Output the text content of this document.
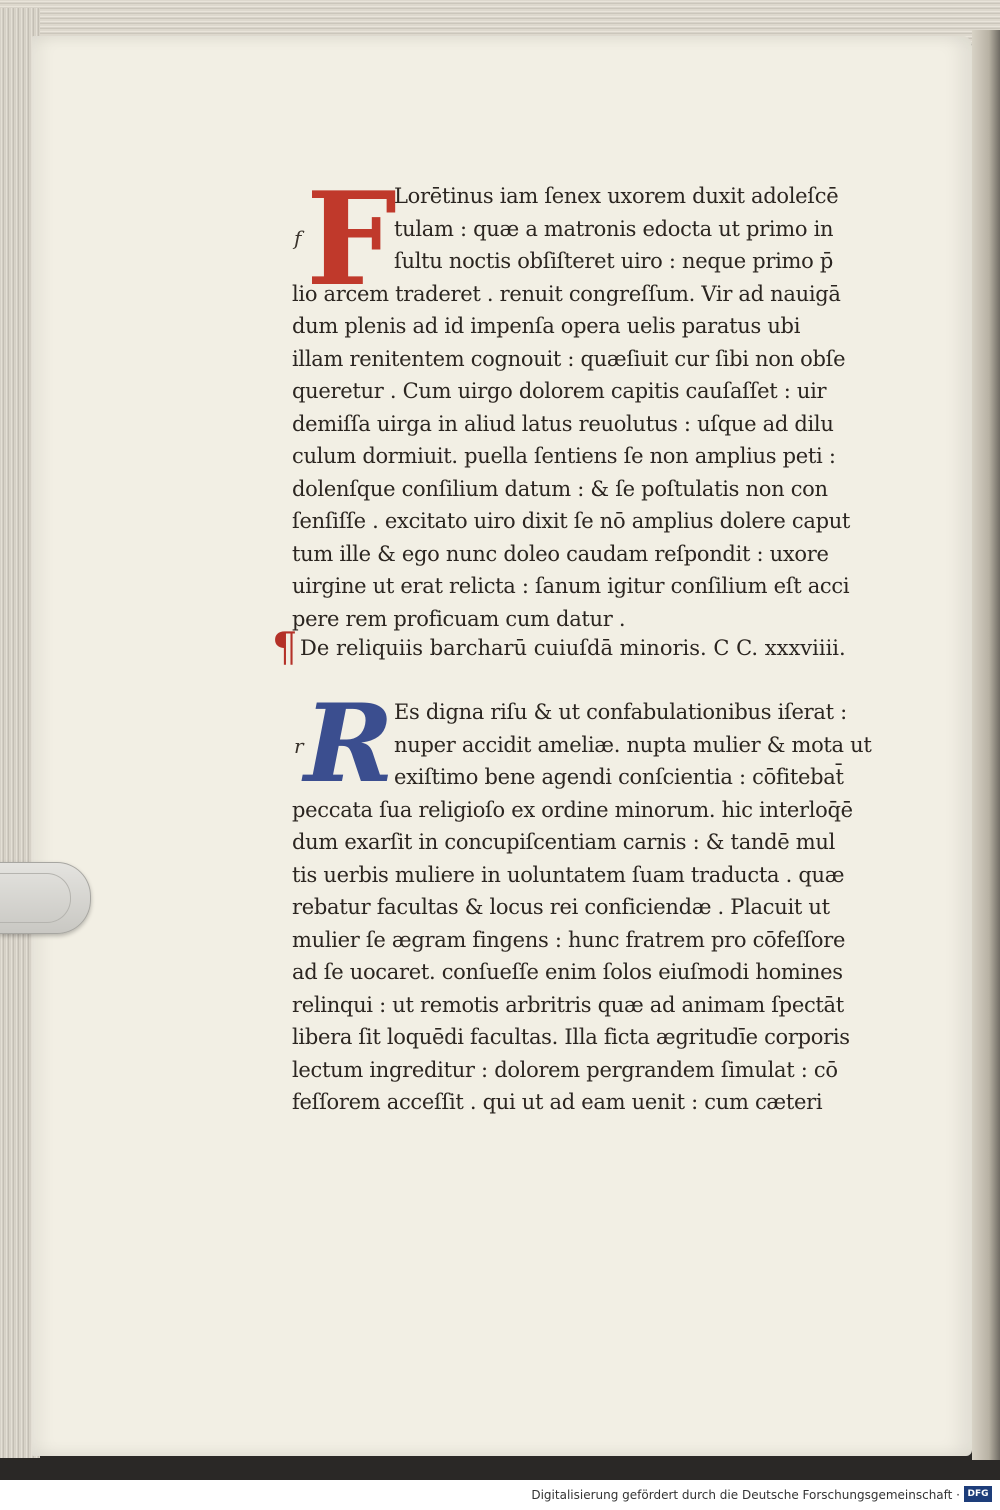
F
f
Lorētinus iam ſenex uxorem duxit adoleſcē
tulam : quæ a matronis edocta ut primo in
ſultu noctis obſiſteret uiro : neque primo p̄
lio arcem traderet . renuit congreſſum. Vir ad nauigā
dum plenis ad id impenſa opera uelis paratus ubi
illam renitentem cognouit : quæſiuit cur ſibi non obſe
queretur . Cum uirgo dolorem capitis cauſaſſet : uir
demiſſa uirga in aliud latus reuolutus : uſque ad dilu
culum dormiuit. puella ſentiens ſe non amplius peti :
dolenſque conſilium datum : & ſe poſtulatis non con
ſenſiſſe . excitato uiro dixit ſe nō amplius dolere caput
tum ille & ego nunc doleo caudam reſpondit : uxore
uirgine ut erat relicta : ſanum igitur conſilium eſt acci
pere rem proficuam cum datur .
¶ De reliquiis barcharū cuiuſdā minoris. C C. xxxviiii.
R
r
Es digna riſu & ut confabulationibus iſerat :
nuper accidit ameliæ. nupta mulier & mota ut
exiſtimo bene agendi conſcientia : cōfitebat̄
peccata ſua religioſo ex ordine minorum. hic interloq̄ē
dum exarſit in concupiſcentiam carnis : & tandē mul
tis uerbis muliere in uoluntatem ſuam traducta . quæ
rebatur facultas & locus rei conficiendæ . Placuit ut
mulier ſe ægram fingens : hunc fratrem pro cōfeſſore
ad ſe uocaret. conſueſſe enim ſolos eiuſmodi homines
relinqui : ut remotis arbritris quæ ad animam ſpectāt
libera ſit loquēdi facultas. Illa ficta ægritudīe corporis
lectum ingreditur : dolorem pergrandem ſimulat : cō
feſſorem acceſſit . qui ut ad eam uenit : cum cæteri
Digitalisierung gefördert durch die Deutsche Forschungsgemeinschaft · DFG
